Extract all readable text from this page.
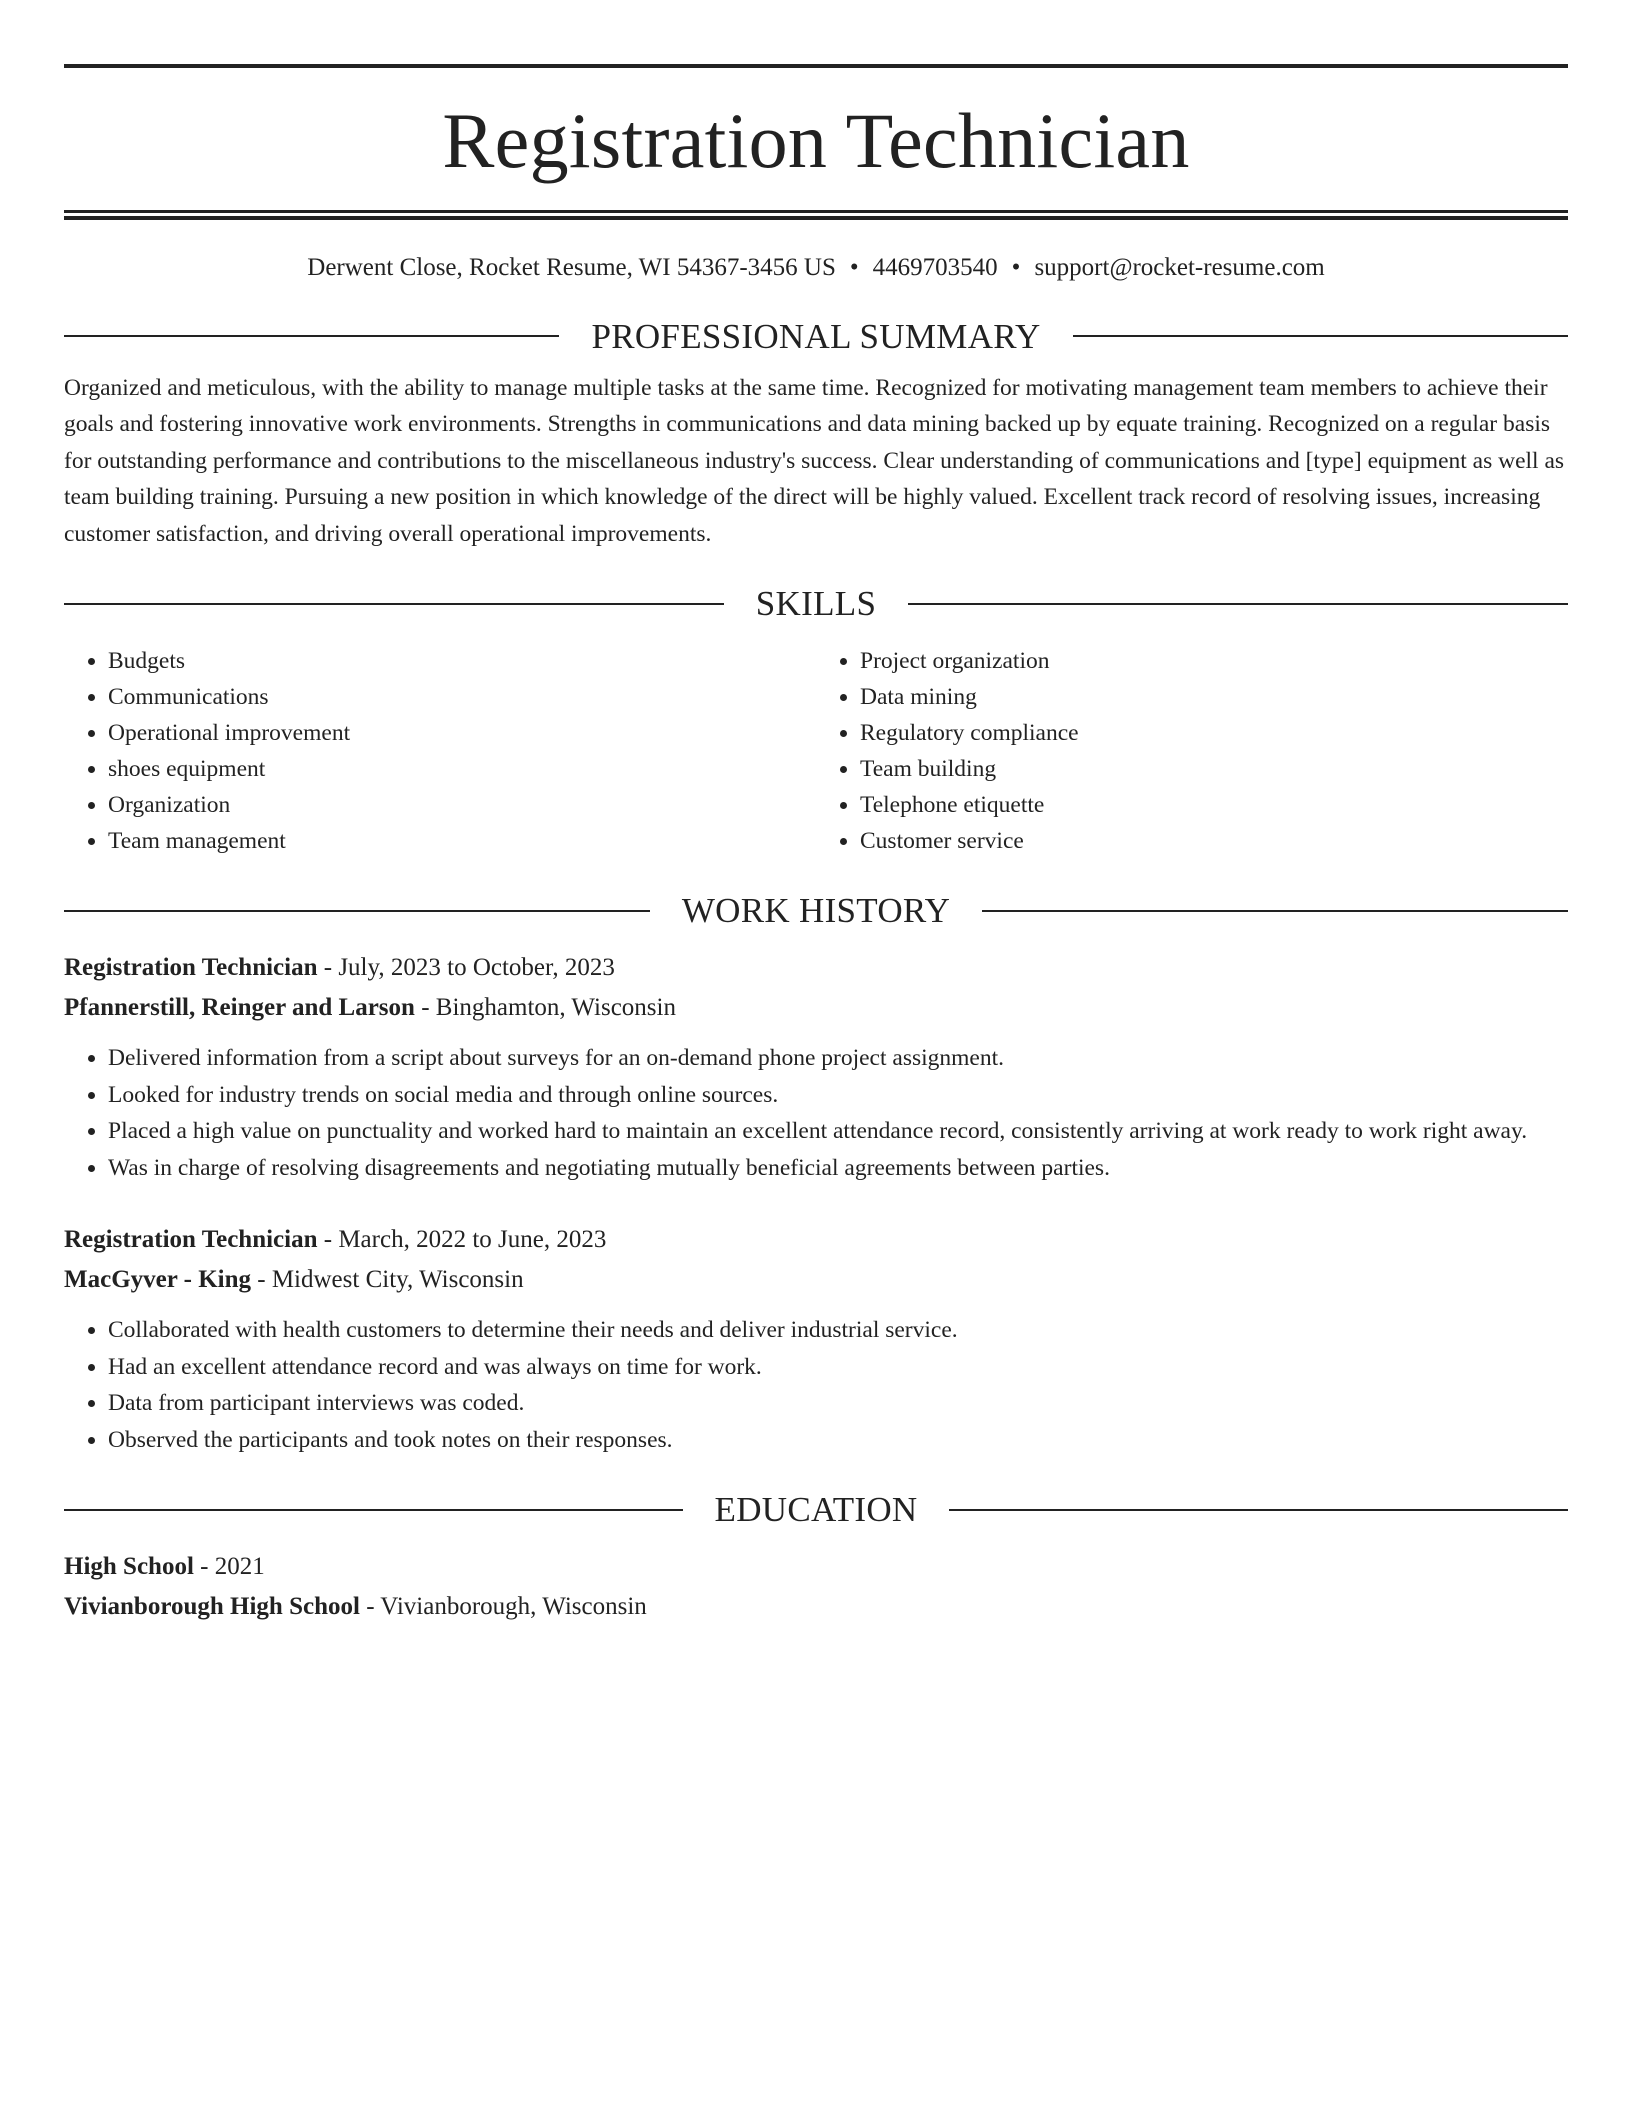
Registration Technician
Derwent Close, Rocket Resume, WI 54367-3456 US • 4469703540 • support@rocket-resume.com
PROFESSIONAL SUMMARY

Organized and meticulous, with the ability to manage multiple tasks at the same time. Recognized for motivating management team members to achieve their goals and fostering innovative work environments. Strengths in communications and data mining backed up by equate training. Recognized on a regular basis for outstanding performance and contributions to the miscellaneous industry's success. Clear understanding of communications and [type] equipment as well as team building training. Pursuing a new position in which knowledge of the direct will be highly valued. Excellent track record of resolving issues, increasing customer satisfaction, and driving overall operational improvements.

SKILLS
• Budgets
• Communications
• Operational improvement
• shoes equipment
• Organization
• Team management
• Project organization
• Data mining
• Regulatory compliance
• Team building
• Telephone etiquette
• Customer service
WORK HISTORY
Registration Technician - July, 2023 to October, 2023
Pfannerstill, Reinger and Larson - Binghamton, Wisconsin
• Delivered information from a script about surveys for an on-demand phone project assignment.
• Looked for industry trends on social media and through online sources.
• Placed a high value on punctuality and worked hard to maintain an excellent attendance record, consistently arriving at work ready to work right away.
• Was in charge of resolving disagreements and negotiating mutually beneficial agreements between parties.
Registration Technician - March, 2022 to June, 2023
MacGyver - King - Midwest City, Wisconsin
• Collaborated with health customers to determine their needs and deliver industrial service.
• Had an excellent attendance record and was always on time for work.
• Data from participant interviews was coded.
• Observed the participants and took notes on their responses.
EDUCATION
High School - 2021
Vivianborough High School - Vivianborough, Wisconsin
